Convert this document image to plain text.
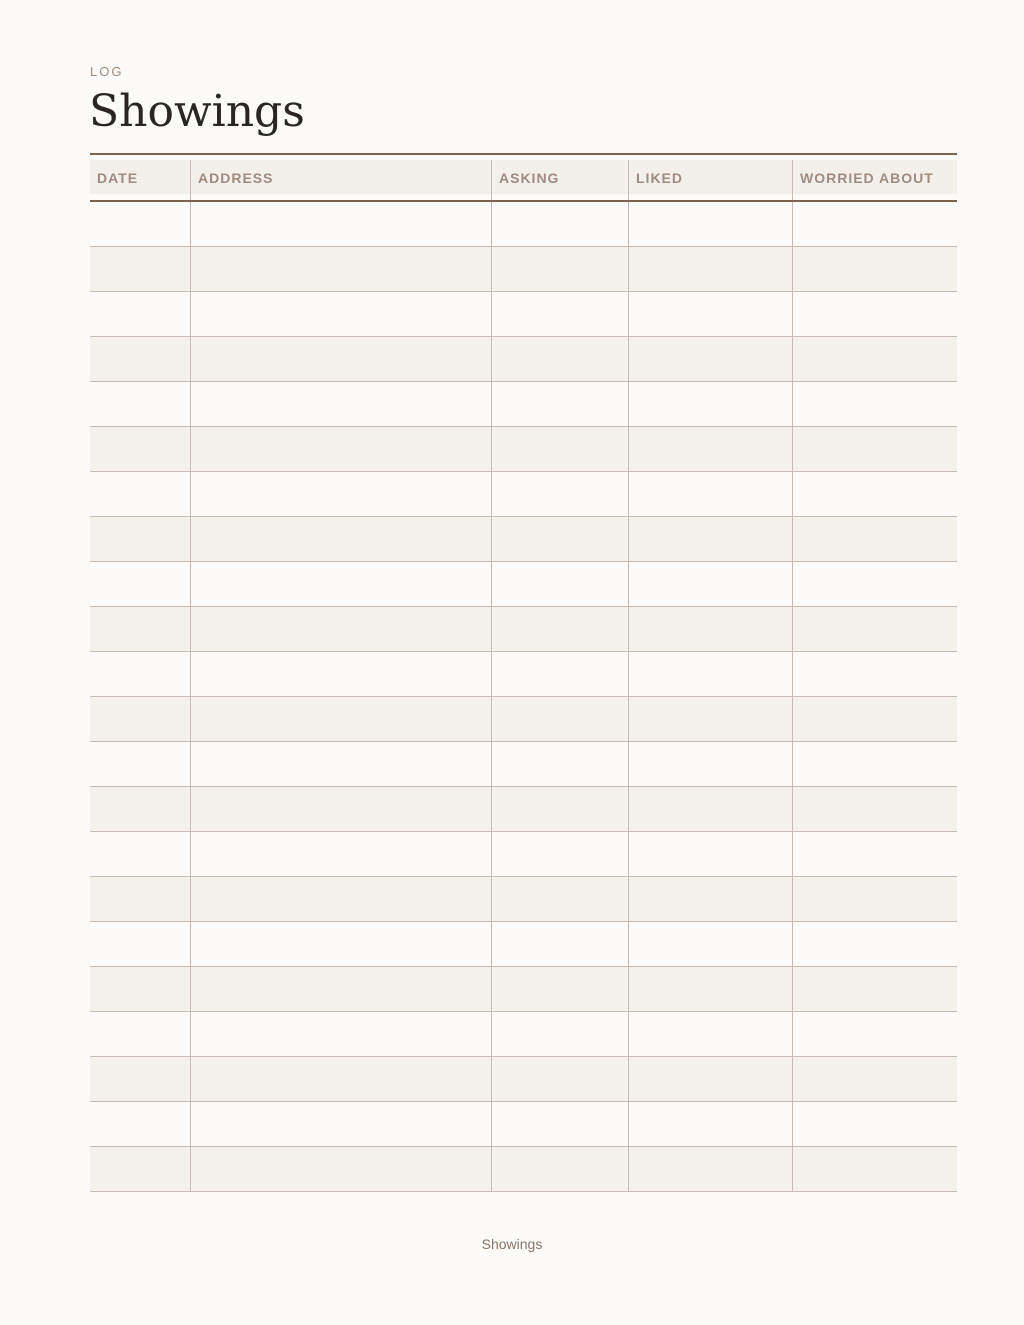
LOG
Showings
DATE	ADDRESS	ASKING	LIKED	WORRIED ABOUT
Showings
